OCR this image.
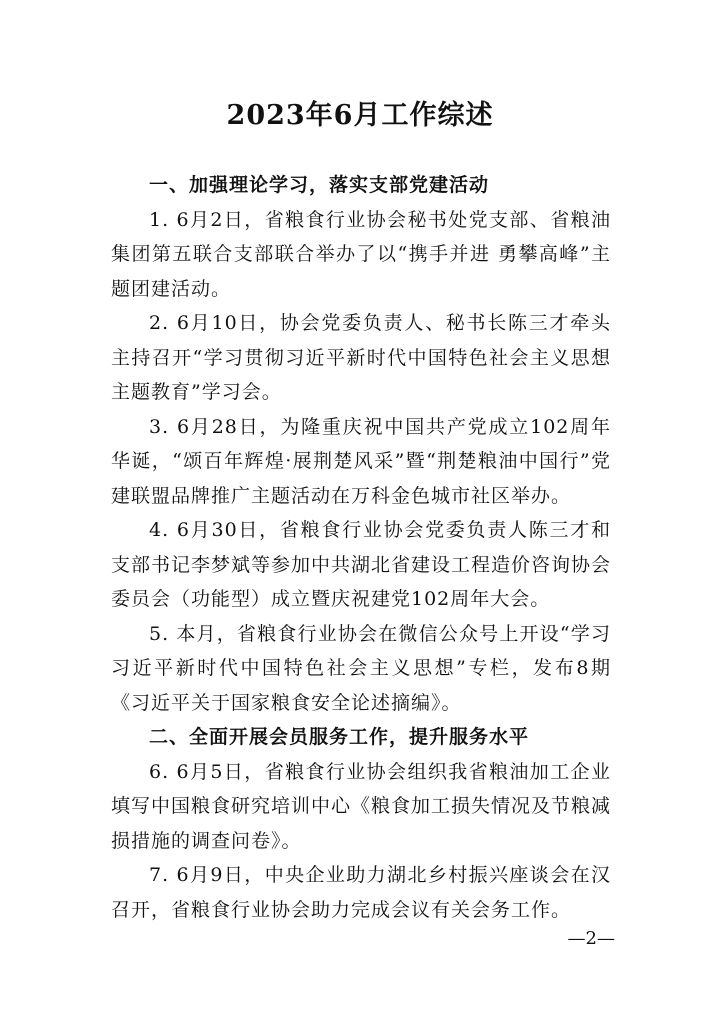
2023年6月工作综述

一、加强理论学习，落实支部党建活动

1. 6月2日，省粮食行业协会秘书处党支部、省粮油集团第五联合支部联合举办了以“携手并进 勇攀高峰”主题团建活动。

2. 6月10日，协会党委负责人、秘书长陈三才牵头主持召开“学习贯彻习近平新时代中国特色社会主义思想主题教育”学习会。

3. 6月28日，为隆重庆祝中国共产党成立102周年华诞，“颂百年辉煌·展荆楚风采”暨“荆楚粮油中国行”党建联盟品牌推广主题活动在万科金色城市社区举办。

4. 6月30日，省粮食行业协会党委负责人陈三才和支部书记李梦斌等参加中共湖北省建设工程造价咨询协会委员会（功能型）成立暨庆祝建党102周年大会。

5. 本月，省粮食行业协会在微信公众号上开设“学习习近平新时代中国特色社会主义思想”专栏，发布8期《习近平关于国家粮食安全论述摘编》。

二、全面开展会员服务工作，提升服务水平

6. 6月5日，省粮食行业协会组织我省粮油加工企业填写中国粮食研究培训中心《粮食加工损失情况及节粮减损措施的调查问卷》。

7. 6月9日，中央企业助力湖北乡村振兴座谈会在汉召开，省粮食行业协会助力完成会议有关会务工作。

—2—
